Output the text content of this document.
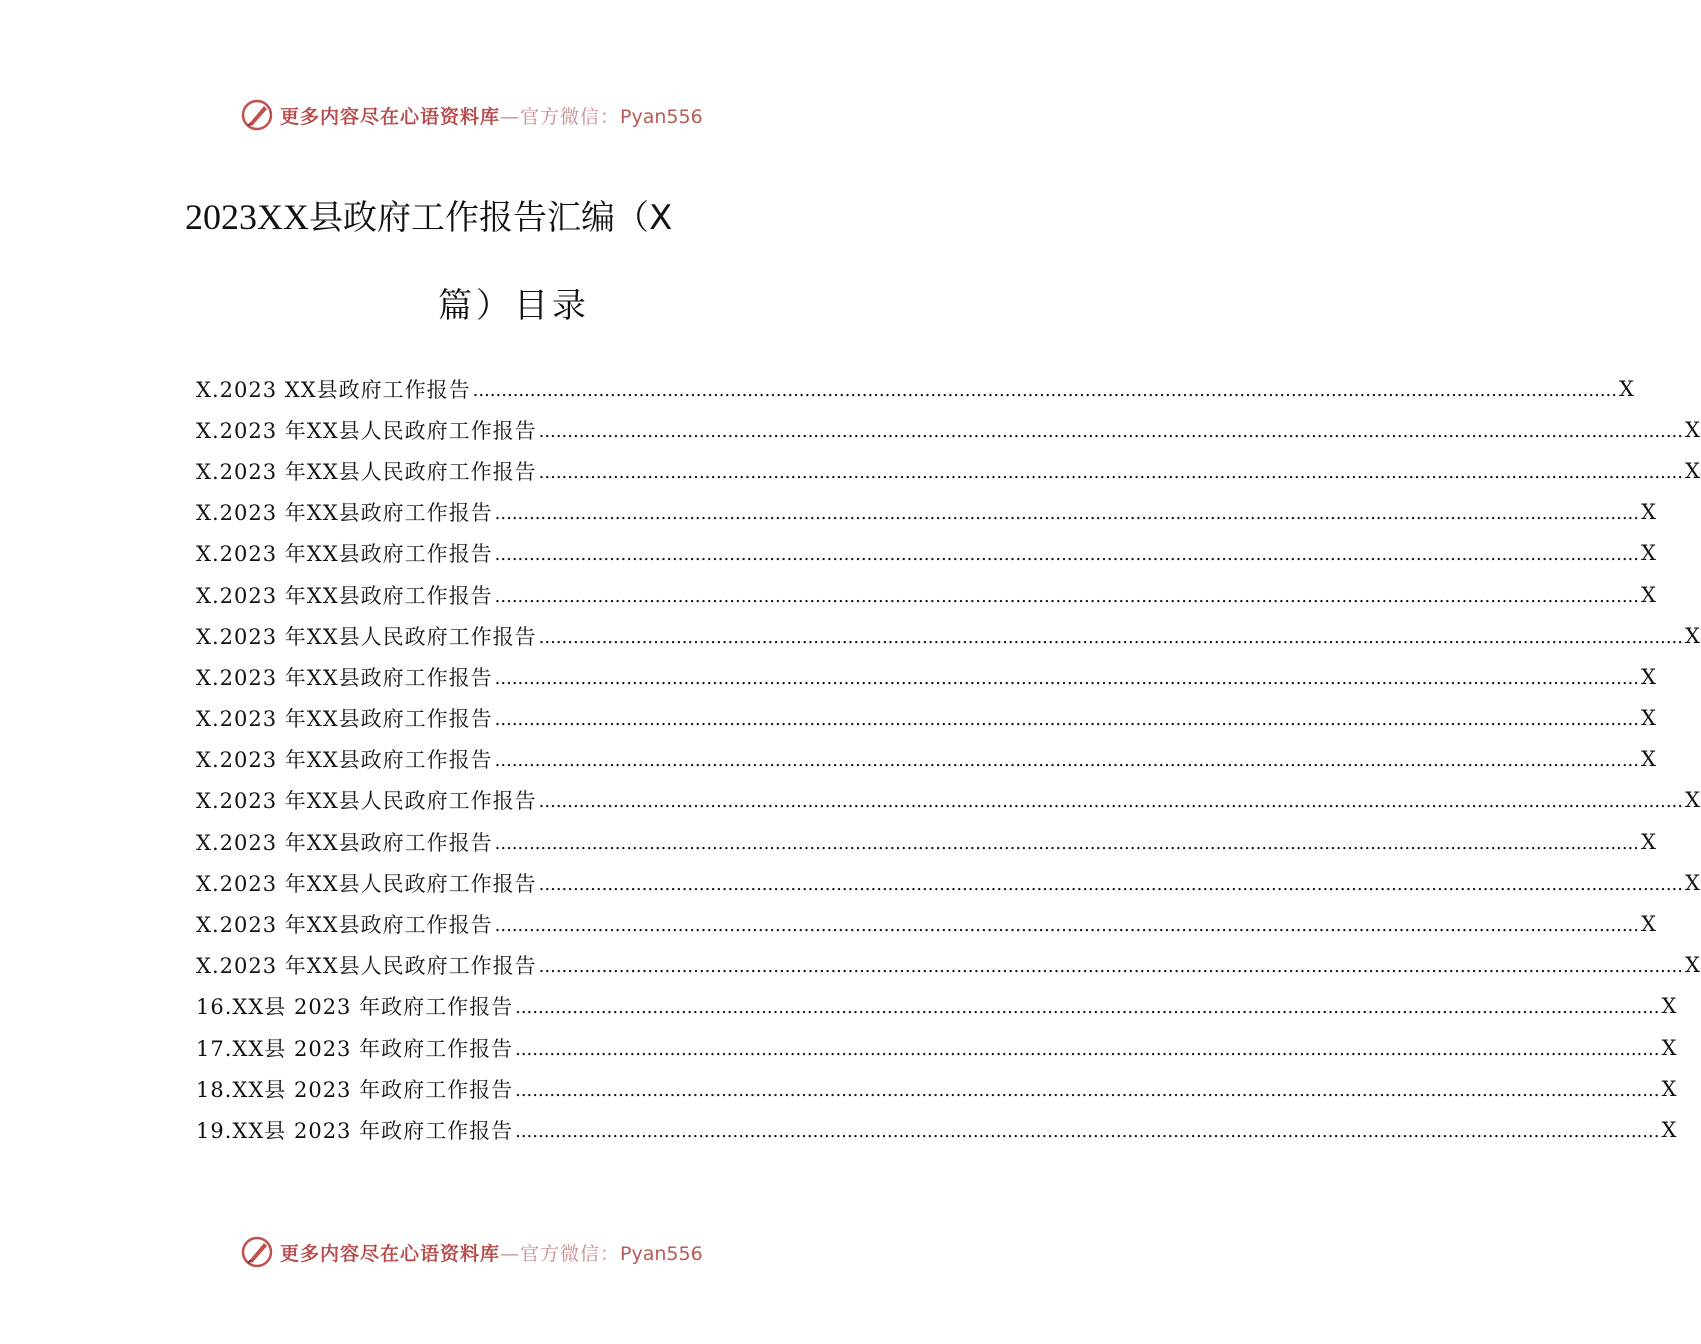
更多内容尽在心语资料库—官方微信：Pyan556
2023XX县政府工作报告汇编（X
篇）目录
X.2023 XX县政府工作报告 ........................................................................................................................................................................................................ X
X.2023 年XX县人民政府工作报告 ........................................................................................................................................................................................................ X
X.2023 年XX县人民政府工作报告 ........................................................................................................................................................................................................ X
X.2023 年XX县政府工作报告 ........................................................................................................................................................................................................ X
X.2023 年XX县政府工作报告 ........................................................................................................................................................................................................ X
X.2023 年XX县政府工作报告 ........................................................................................................................................................................................................ X
X.2023 年XX县人民政府工作报告 ........................................................................................................................................................................................................ X
X.2023 年XX县政府工作报告 ........................................................................................................................................................................................................ X
X.2023 年XX县政府工作报告 ........................................................................................................................................................................................................ X
X.2023 年XX县政府工作报告 ........................................................................................................................................................................................................ X
X.2023 年XX县人民政府工作报告 ........................................................................................................................................................................................................ X
X.2023 年XX县政府工作报告 ........................................................................................................................................................................................................ X
X.2023 年XX县人民政府工作报告 ........................................................................................................................................................................................................ X
X.2023 年XX县政府工作报告 ........................................................................................................................................................................................................ X
X.2023 年XX县人民政府工作报告 ........................................................................................................................................................................................................ X
16.XX县 2023 年政府工作报告 ........................................................................................................................................................................................................ X
17.XX县 2023 年政府工作报告 ........................................................................................................................................................................................................ X
18.XX县 2023 年政府工作报告 ........................................................................................................................................................................................................ X
19.XX县 2023 年政府工作报告 ........................................................................................................................................................................................................ X
更多内容尽在心语资料库—官方微信：Pyan556
